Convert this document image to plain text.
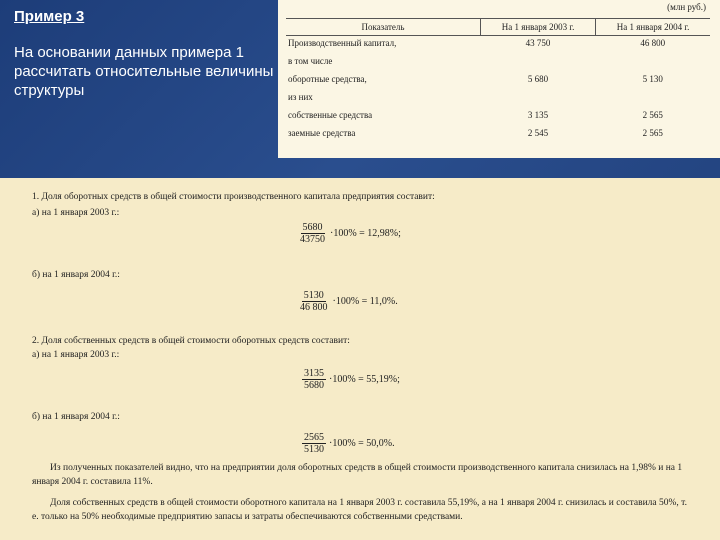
Пример 3

На основании данных примера 1 рассчитать относительные величины структуры

(млн руб.)
Показатель	На 1 января 2003 г.	На 1 января 2004 г.
Производственный капитал,	43 750	46 800
в том числе		
оборотные средства,	5 680	5 130
из них		
собственные средства	3 135	2 565
заемные средства	2 545	2 565
1. Доля оборотных средств в общей стоимости производственного капитала предприятия составит:
а) на 1 января 2003 г.:
$\frac{5680}{43750} \cdot 100\% = 12,98\%$;
б) на 1 января 2004 г.:
$\frac{5130}{46 800} \cdot 100\% = 11,0\%$.
2. Доля собственных средств в общей стоимости оборотных средств составит:
а) на 1 января 2003 г.:
$\frac{3135}{5680} \cdot 100\% = 55,19\%$;
б) на 1 января 2004 г.:
$\frac{2565}{5130} \cdot 100\% = 50,0\%$.
Из полученных показателей видно, что на предприятии доля оборотных средств в общей стоимости производственного капитала снизилась на 1,98% и на 1 января 2004 г. составила 11%.
Доля собственных средств в общей стоимости оборотного капитала на 1 января 2003 г. составила 55,19%, а на 1 января 2004 г. снизилась и составила 50%, т. е. только на 50% необходимые предприятию запасы и затраты обеспечиваются собственными средствами.
